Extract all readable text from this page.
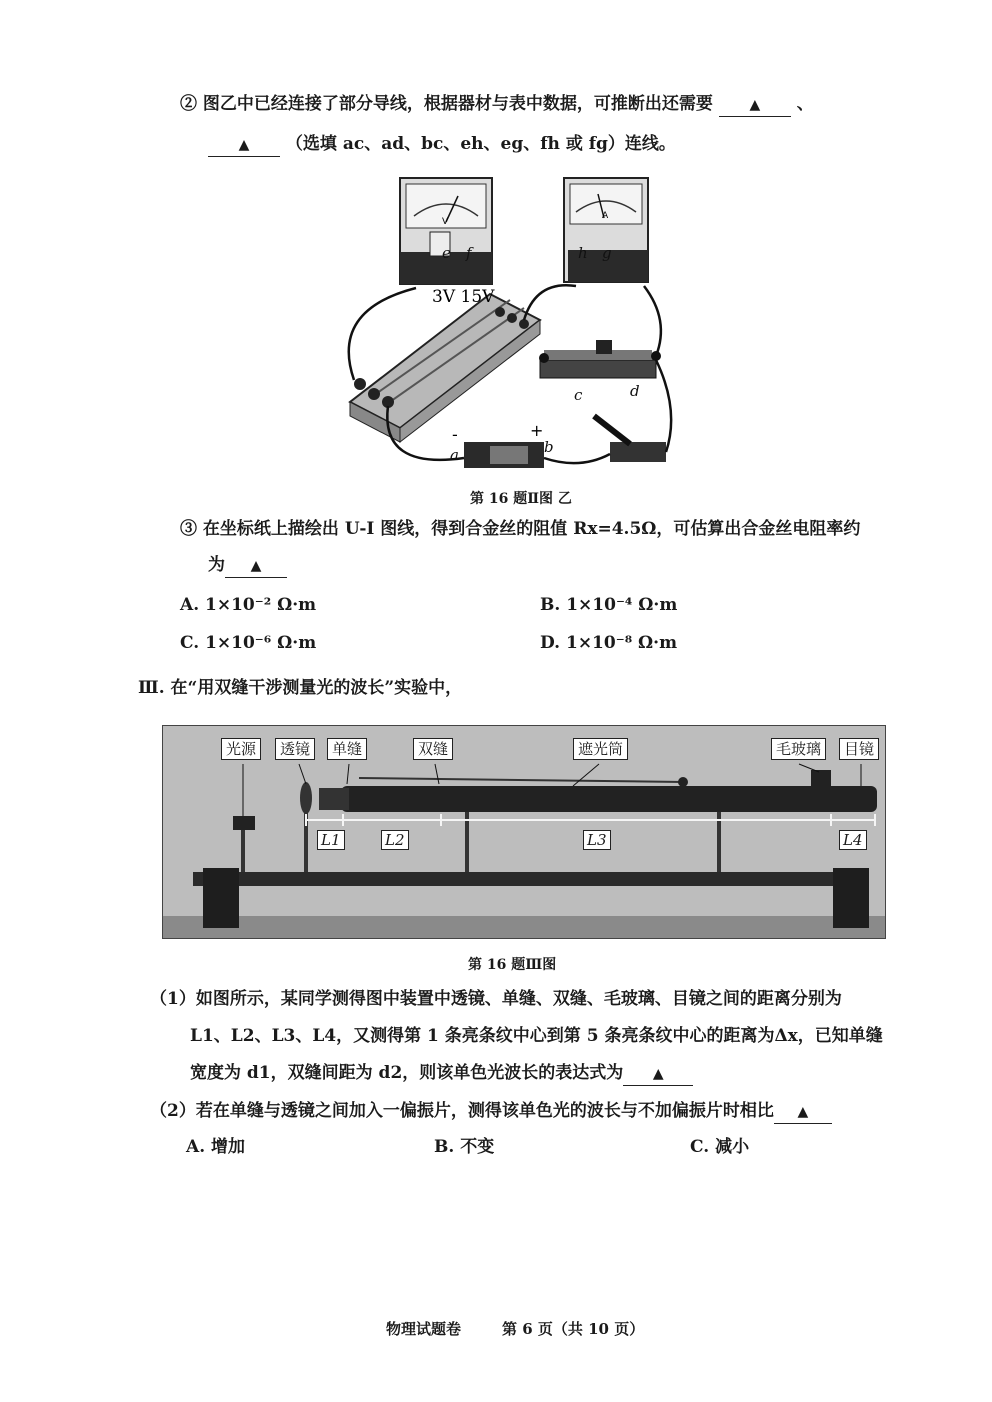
② 图乙中已经连接了部分导线，根据器材与表中数据，可推断出还需要	▲ 、
▲ （选填 ac、ad、bc、eh、eg、fh 或 fg）连线。
V
A
e f	h g
c	d
a	b
-	+
3V 15V
第 16 题Ⅱ图 乙
③ 在坐标纸上描绘出 U-I 图线，得到合金丝的阻值 Rx=4.5Ω，可估算出合金丝电阻率约
为 ▲
A. 1×10⁻² Ω·m	B. 1×10⁻⁴ Ω·m
C. 1×10⁻⁶ Ω·m	D. 1×10⁻⁸ Ω·m
Ⅲ. 在“用双缝干涉测量光的波长”实验中，
光源	透镜	单缝	双缝	遮光筒	毛玻璃	目镜
L1	L2	L3	L4
第 16 题Ⅲ图
（1）如图所示，某同学测得图中装置中透镜、单缝、双缝、毛玻璃、目镜之间的距离分别为
L1、L2、L3、L4，又测得第 1 条亮条纹中心到第 5 条亮条纹中心的距离为Δx，已知单缝
宽度为 d1，双缝间距为 d2，则该单色光波长的表达式为 ▲
（2）若在单缝与透镜之间加入一偏振片，测得该单色光的波长与不加偏振片时相比 ▲
A. 增加	B. 不变	C. 减小
物理试题卷	第 6 页（共 10 页）
